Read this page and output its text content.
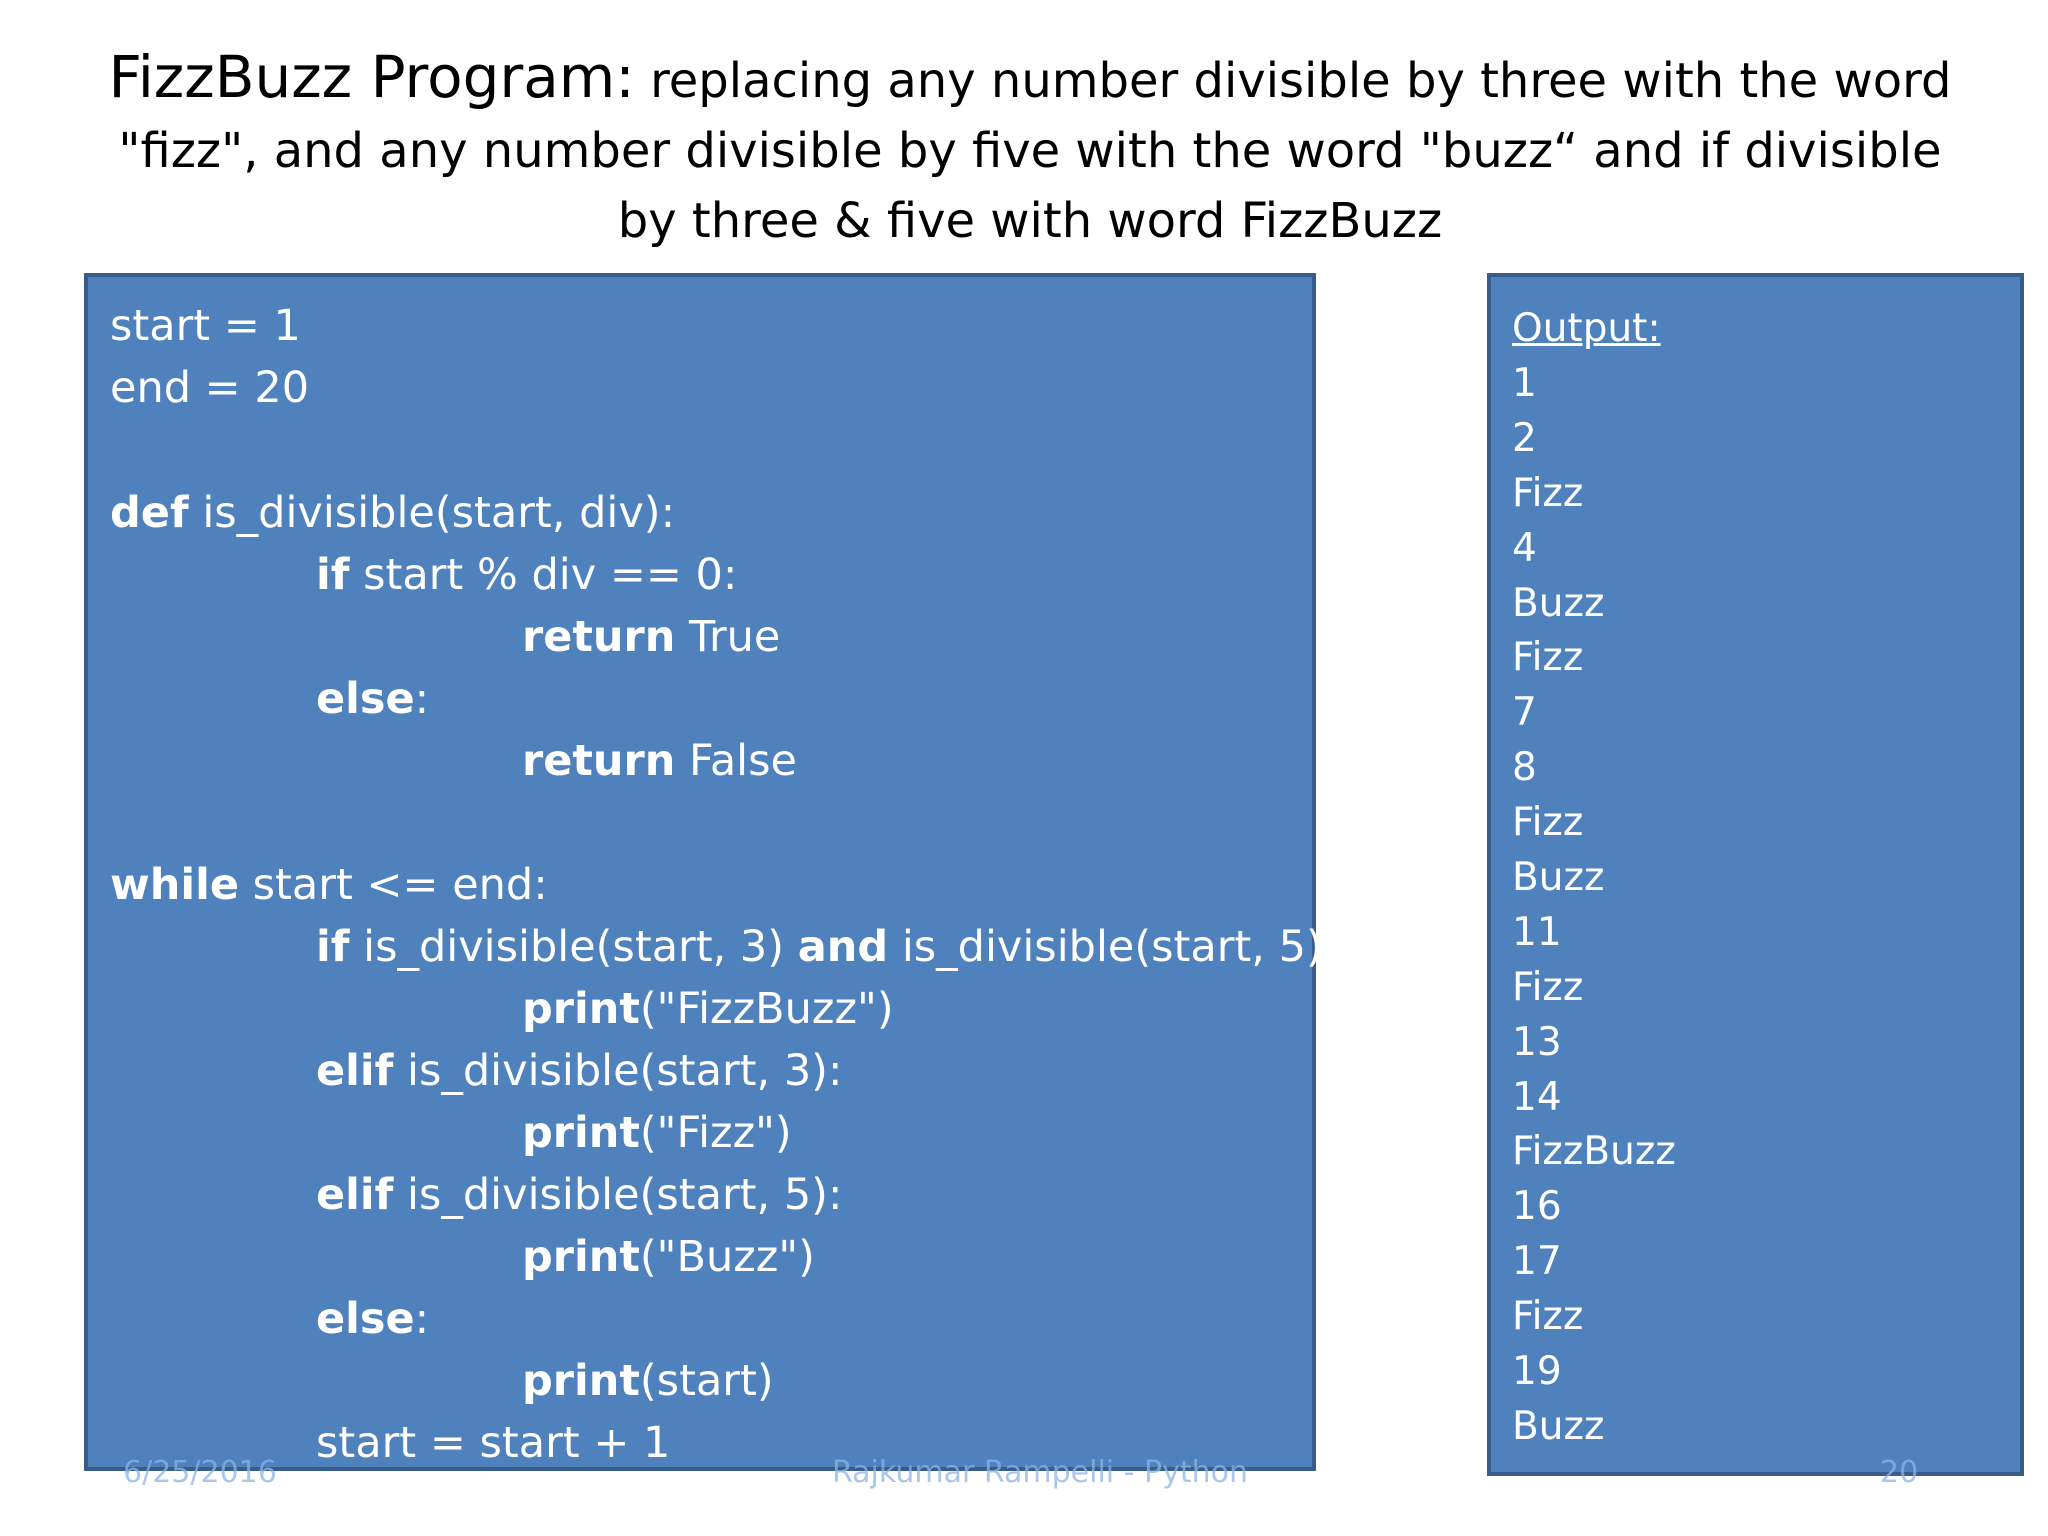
FizzBuzz Program: replacing any number divisible by three with the word "fizz", and any number divisible by five with the word "buzz“ and if divisible by three & five with word FizzBuzz
start = 1
end = 20
def is_divisible(start, div):
if start % div == 0:
return True
else:
return False
while start <= end:
if is_divisible(start, 3) and is_divisible(start, 5):
print("FizzBuzz")
elif is_divisible(start, 3):
print("Fizz")
elif is_divisible(start, 5):
print("Buzz")
else:
print(start)
start = start + 1
Output:
1
2
Fizz
4
Buzz
Fizz
7
8
Fizz
Buzz
11
Fizz
13
14
FizzBuzz
16
17
Fizz
19
Buzz
6/25/2016	Rajkumar Rampelli - Python	20
